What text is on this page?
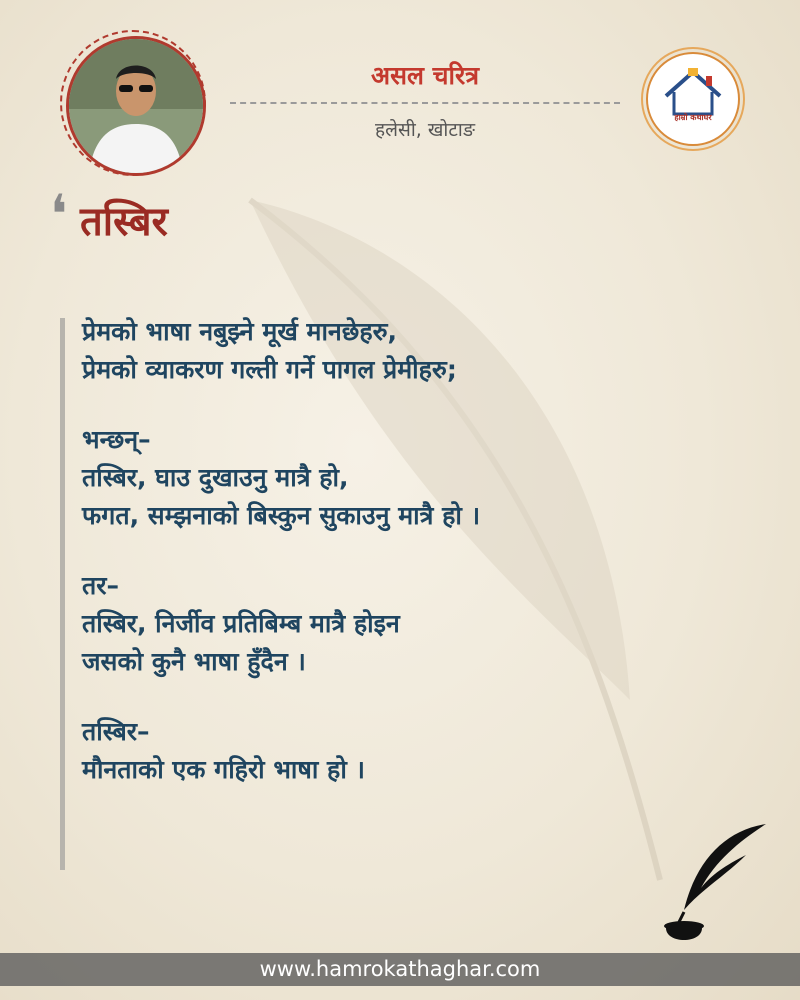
असल चरित्र
हलेसी, खोटाङ
हाम्रो कथाघर
❛ तस्बिर
प्रेमको भाषा नबुझ्ने मूर्ख मानछेहरु,
प्रेमको व्याकरण गल्ती गर्ने पागल प्रेमीहरु;
भन्छन्–
तस्बिर, घाउ दुखाउनु मात्रै हो,
फगत, सम्झनाको बिस्कुन सुकाउनु मात्रै हो ।
तर–
तस्बिर, निर्जीव प्रतिबिम्ब मात्रै होइन
जसको कुनै भाषा हुँदैन ।
तस्बिर–
मौनताको एक गहिरो भाषा हो ।
www.hamrokathaghar.com
